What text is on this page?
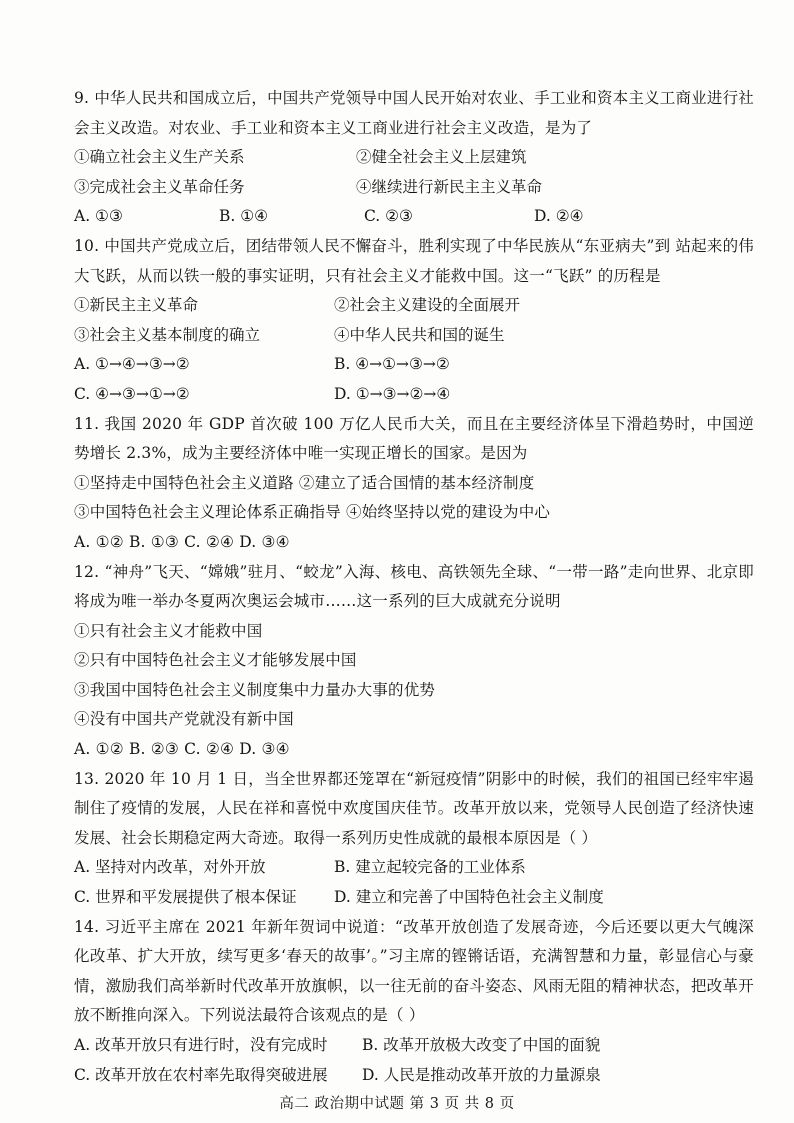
9. 中华人民共和国成立后，中国共产党领导中国人民开始对农业、手工业和资本主义工商业进行社会主义改造。对农业、手工业和资本主义工商业进行社会主义改造，是为了
①确立社会主义生产关系	②健全社会主义上层建筑
③完成社会主义革命任务	④继续进行新民主主义革命
A. ①③	B. ①④	C. ②③	D. ②④
10. 中国共产党成立后，团结带领人民不懈奋斗，胜利实现了中华民族从“东亚病夫”到 站起来的伟大飞跃，从而以铁一般的事实证明，只有社会主义才能救中国。这一“飞跃” 的历程是
①新民主主义革命	②社会主义建设的全面展开
③社会主义基本制度的确立	④中华人民共和国的诞生
A. ①→④→③→②	B. ④→①→③→②
C. ④→③→①→②	D. ①→③→②→④
11. 我国 2020 年 GDP 首次破 100 万亿人民币大关，而且在主要经济体呈下滑趋势时，中国逆势增长 2.3%，成为主要经济体中唯一实现正增长的国家。是因为
①坚持走中国特色社会主义道路 ②建立了适合国情的基本经济制度
③中国特色社会主义理论体系正确指导 ④始终坚持以党的建设为中心
A. ①② B. ①③ C. ②④ D. ③④
12. “神舟”飞天、“嫦娥”驻月、“蛟龙”入海、核电、高铁领先全球、“一带一路”走向世界、北京即将成为唯一举办冬夏两次奥运会城市……这一系列的巨大成就充分说明
①只有社会主义才能救中国
②只有中国特色社会主义才能够发展中国
③我国中国特色社会主义制度集中力量办大事的优势
④没有中国共产党就没有新中国
A. ①② B. ②③ C. ②④ D. ③④
13. 2020 年 10 月 1 日，当全世界都还笼罩在“新冠疫情”阴影中的时候，我们的祖国已经牢牢遏制住了疫情的发展，人民在祥和喜悦中欢度国庆佳节。改革开放以来，党领导人民创造了经济快速发展、社会长期稳定两大奇迹。取得一系列历史性成就的最根本原因是（ ）
A. 坚持对内改革，对外开放	B. 建立起较完备的工业体系
C. 世界和平发展提供了根本保证	D. 建立和完善了中国特色社会主义制度
14. 习近平主席在 2021 年新年贺词中说道：“改革开放创造了发展奇迹，今后还要以更大气魄深化改革、扩大开放，续写更多‘春天的故事’。”习主席的铿锵话语，充满智慧和力量，彰显信心与豪情，激励我们高举新时代改革开放旗帜，以一往无前的奋斗姿态、风雨无阻的精神状态，把改革开放不断推向深入。下列说法最符合该观点的是（ ）
A. 改革开放只有进行时，没有完成时	B. 改革开放极大改变了中国的面貌
C. 改革开放在农村率先取得突破进展	D. 人民是推动改革开放的力量源泉
高二 政治期中试题 第 3 页 共 8 页
